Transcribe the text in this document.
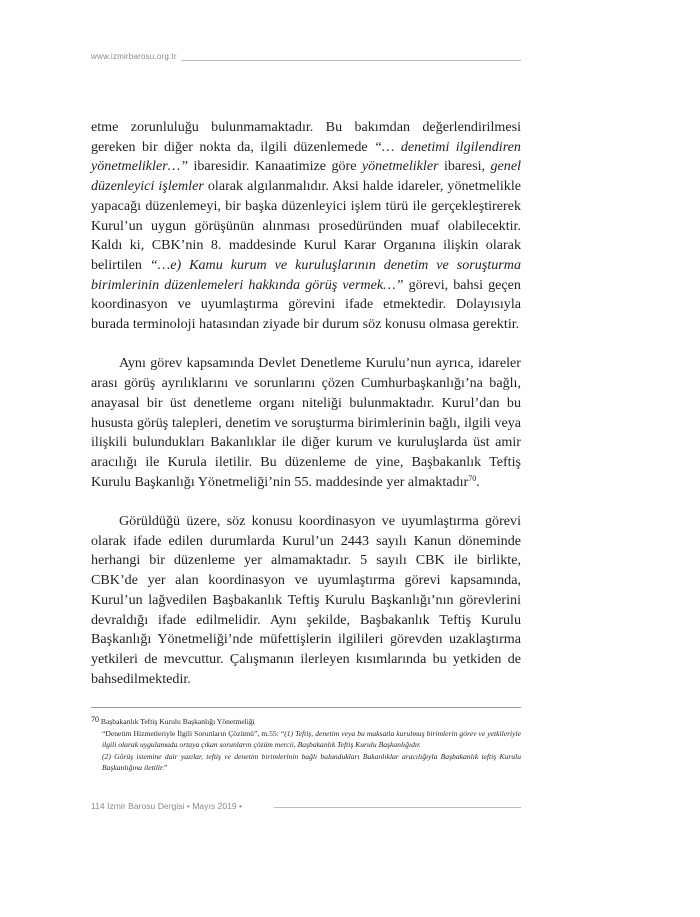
www.izmirbarosu.org.tr

etme zorunluluğu bulunmamaktadır. Bu bakımdan değerlendirilmesi gereken bir diğer nokta da, ilgili düzenlemede “… denetimi ilgilendiren yönetmelikler…” ibaresidir. Kanaatimize göre yönetmelikler ibaresi, genel düzenleyici işlemler olarak algılanmalıdır. Aksi halde idareler, yönetmelikle yapacağı düzenlemeyi, bir başka düzenleyici işlem türü ile gerçekleştirerek Kurul’un uygun görüşünün alınması prosedüründen muaf olabilecektir. Kaldı ki, CBK’nin 8. maddesinde Kurul Karar Organına ilişkin olarak belirtilen “…e) Kamu kurum ve kuruluşlarının denetim ve soruşturma birimlerinin düzenlemeleri hakkında görüş vermek…” görevi, bahsi geçen koordinasyon ve uyumlaştırma görevini ifade etmektedir. Dolayısıyla burada terminoloji hatasından ziyade bir durum söz konusu olmasa gerektir.

Aynı görev kapsamında Devlet Denetleme Kurulu’nun ayrıca, idareler arası görüş ayrılıklarını ve sorunlarını çözen Cumhurbaşkanlığı’na bağlı, anayasal bir üst denetleme organı niteliği bulunmaktadır. Kurul’dan bu hususta görüş talepleri, denetim ve soruşturma birimlerinin bağlı, ilgili veya ilişkili bulundukları Bakanlıklar ile diğer kurum ve kuruluşlarda üst amir aracılığı ile Kurula iletilir. Bu düzenleme de yine, Başbakanlık Teftiş Kurulu Başkanlığı Yönetmeliği’nin 55. maddesinde yer almaktadır$^{70}$.

Görüldüğü üzere, söz konusu koordinasyon ve uyumlaştırma görevi olarak ifade edilen durumlarda Kurul’un 2443 sayılı Kanun döneminde herhangi bir düzenleme yer almamaktadır. 5 sayılı CBK ile birlikte, CBK’de yer alan koordinasyon ve uyumlaştırma görevi kapsamında, Kurul’un lağvedilen Başbakanlık Teftiş Kurulu Başkanlığı’nın görevlerini devraldığı ifade edilmelidir. Aynı şekilde, Başbakanlık Teftiş Kurulu Başkanlığı Yönetmeliği’nde müfettişlerin ilgilileri görevden uzaklaştırma yetkileri de mevcuttur. Çalışmanın ilerleyen kısımlarında bu yetkiden de bahsedilmektedir.

$^{70}$ Başbakanlık Teftiş Kurulu Başkanlığı Yönetmeliği

“Denetim Hizmetleriyle İlgili Sorunların Çözümü”, m.55: “(1) Teftiş, denetim veya bu maksatla kurulmuş birimlerin görev ve yetkileriyle ilgili olarak uygulamada ortaya çıkan sorunların çözüm mercii, Başbakanlık Teftiş Kurulu Başkanlığıdır.

(2) Görüş istemine dair yazılar, teftiş ve denetim birimlerinin bağlı bulundukları Bakanlıklar aracılığıyla Başbakanlık teftiş Kurulu Başkanlığına iletilir.”

114 İzmir Barosu Dergisi • Mayıs 2019 •
